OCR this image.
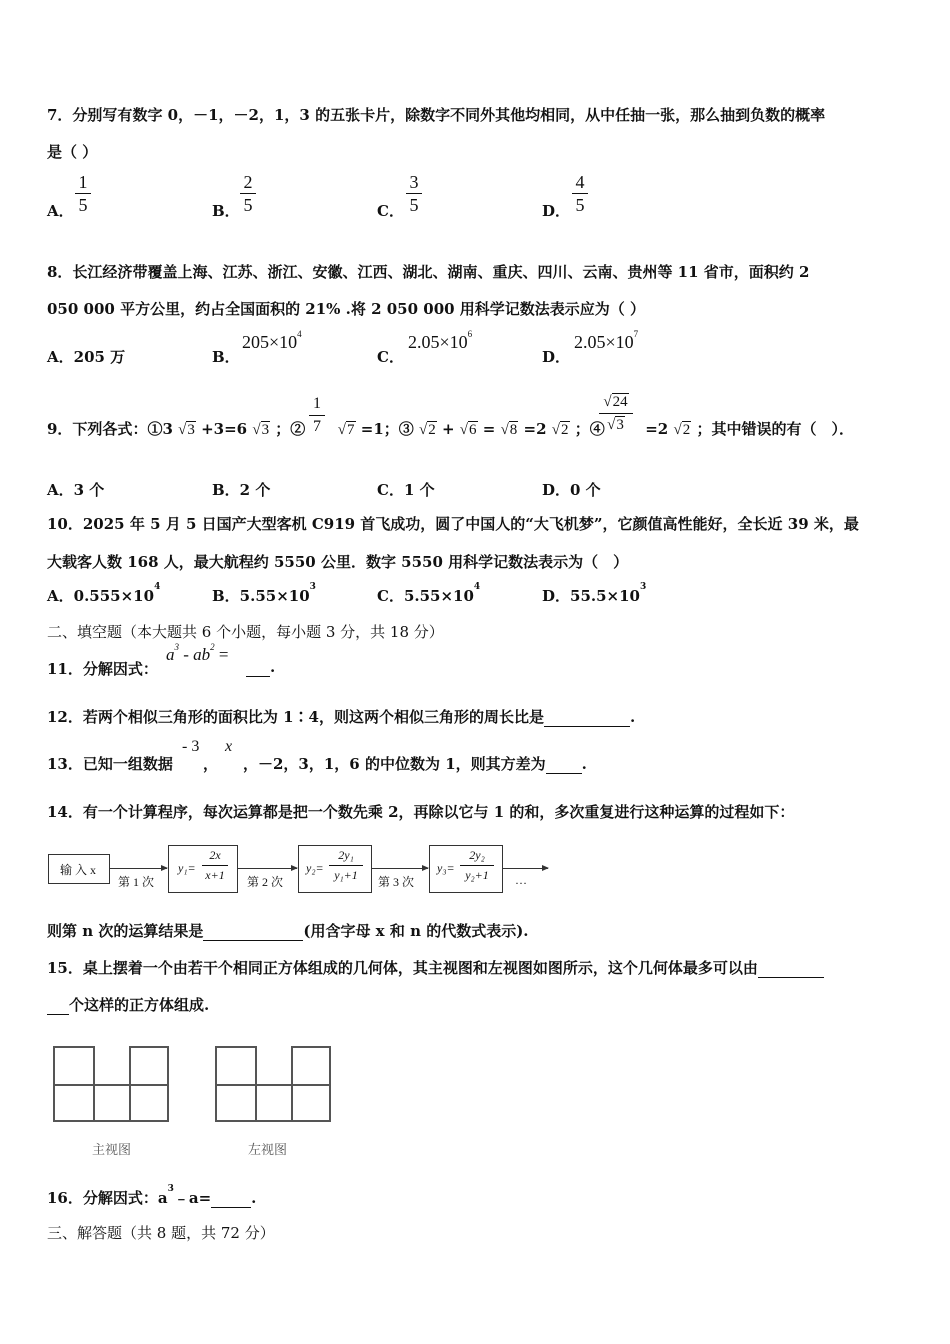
7．分别写有数字 0，－1，－2，1，3 的五张卡片，除数字不同外其他均相同，从中任抽一张，那么抽到负数的概率
是（ ）
A．
1
5	B．
2
5	C．
3
5	D．
4
5
8．长江经济带覆盖上海、江苏、浙江、安徽、江西、湖北、湖南、重庆、四川、云南、贵州等 11 省市，面积约 2
050 000 平方公里，约占全国面积的 21% .将 2 050 000 用科学记数法表示应为（ ）
A．205 万	B．
$205\times 10^4$
C．
$2.05\times 10^6$
D．
$2.05\times 10^7$
9．下列各式：①3 √3 +3=6 √3 ；② √7 =1；③ √2 + √6 = √8 =2 √2 ；④	=2 √2 ；其中错误的有（　）．
1
7
√24
√3
A．3 个	B．2 个	C．1 个	D．0 个
10．2025 年 5 月 5 日国产大型客机 C919 首飞成功，圆了中国人的“大飞机梦”，它颜值高性能好，全长近 39 米，最
大载客人数 168 人，最大航程约 5550 公里．数字 5550 用科学记数法表示为（　）
A．$0.555\times 10^4$	B．$5.55\times 10^3$	C．$5.55\times 10^4$	D．$55.5\times 10^3$
二、填空题（本大题共 6 个小题，每小题 3 分，共 18 分）
11．分解因式：
$a^3 - ab^2$ =
.
12．若两个相似三角形的面积比为 1∶4，则这两个相似三角形的周长比是	.
13．已知一组数据
- 3
，
x
，－2，3，1，6 的中位数为 1，则其方差为 .
14．有一个计算程序，每次运算都是把一个数先乘 2，再除以它与 1 的和，多次重复进行这种运算的过程如下：
输 入 x
第 1 次
y₁=
2x
x+1 第 2 次
y₂=
2y₁
y₁+1	第 3 次
y₃=
2y₂
y₂+1	…
则第 n 次的运算结果是	(用含字母 x 和 n 的代数式表示).
15．桌上摆着一个由若干个相同正方体组成的几何体，其主视图和左视图如图所示，这个几何体最多可以由
个这样的正方体组成.
主视图	左视图
16．分解因式：$a^3﹣a=$	.
三、解答题（共 8 题，共 72 分）
